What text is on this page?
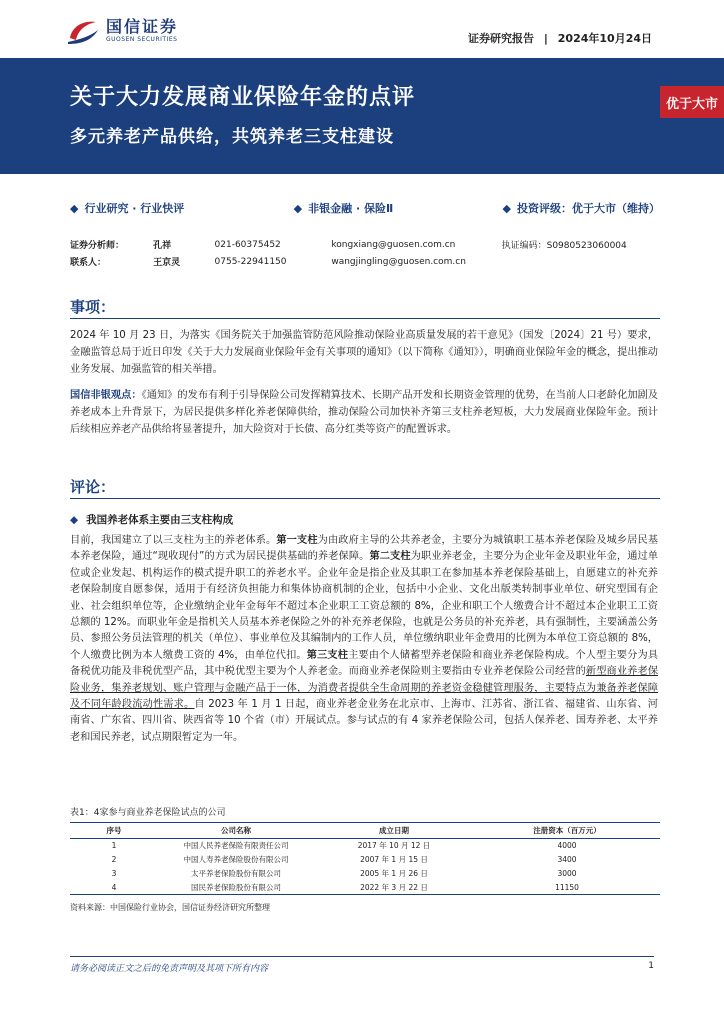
国信证券
GUOSEN SECURITIES	证券研究报告 | 2024年10月24日
关于大力发展商业保险年金的点评
多元养老产品供给，共筑养老三支柱建设
优于大市
◆ 行业研究 · 行业快评	◆ 非银金融 · 保险Ⅱ	◆ 投资评级：优于大市（维持）
证券分析师：	孔祥	021-60375452	kongxiang@guosen.com.cn	执证编码：S0980523060004
联系人：	王京灵	0755-22941150	wangjingling@guosen.com.cn
事项：
2024 年 10 月 23 日，为落实《国务院关于加强监管防范风险推动保险业高质量发展的若干意见》（国发〔2024〕21 号）要求，金融监管总局于近日印发《关于大力发展商业保险年金有关事项的通知》（以下简称《通知》），明确商业保险年金的概念，提出推动业务发展、加强监管的相关举措。
国信非银观点：《通知》的发布有利于引导保险公司发挥精算技术、长期产品开发和长期资金管理的优势，在当前人口老龄化加剧及养老成本上升背景下，为居民提供多样化养老保障供给，推动保险公司加快补齐第三支柱养老短板，大力发展商业保险年金。预计后续相应养老产品供给将显著提升，加大险资对于长债、高分红类等资产的配置诉求。
评论：
◆ 我国养老体系主要由三支柱构成
目前，我国建立了以三支柱为主的养老体系。第一支柱为由政府主导的公共养老金，主要分为城镇职工基本养老保险及城乡居民基本养老保险，通过“现收现付”的方式为居民提供基础的养老保障。第二支柱为职业养老金，主要分为企业年金及职业年金，通过单位或企业发起、机构运作的模式提升职工的养老水平。企业年金是指企业及其职工在参加基本养老保险基础上，自愿建立的补充养老保险制度自愿参保，适用于有经济负担能力和集体协商机制的企业，包括中小企业、文化出版类转制事业单位、研究型国有企业、社会组织单位等，企业缴纳企业年金每年不超过本企业职工工资总额的 8%，企业和职工个人缴费合计不超过本企业职工工资总额的 12%。而职业年金是指机关人员基本养老保险之外的补充养老保险，也就是公务员的补充养老，具有强制性，主要涵盖公务员、参照公务员法管理的机关（单位）、事业单位及其编制内的工作人员，单位缴纳职业年金费用的比例为本单位工资总额的 8%，个人缴费比例为本人缴费工资的 4%，由单位代扣。第三支柱主要由个人储蓄型养老保险和商业养老保险构成。个人型主要分为具备税优功能及非税优型产品，其中税优型主要为个人养老金。而商业养老保险则主要指由专业养老保险公司经营的新型商业养老保险业务，集养老规划、账户管理与金融产品于一体，为消费者提供全生命周期的养老资金稳健管理服务，主要特点为兼备养老保障及不同年龄段流动性需求。自 2023 年 1 月 1 日起，商业养老金业务在北京市、上海市、江苏省、浙江省、福建省、山东省、河南省、广东省、四川省、陕西省等 10 个省（市）开展试点。参与试点的有 4 家养老保险公司，包括人保养老、国寿养老、太平养老和国民养老，试点期限暂定为一年。
表1：4家参与商业养老保险试点的公司
序号	公司名称	成立日期	注册资本（百万元）
1	中国人民养老保险有限责任公司	2017 年 10 月 12 日	4000
2	中国人寿养老保险股份有限公司	2007 年 1 月 15 日	3400
3	太平养老保险股份有限公司	2005 年 1 月 26 日	3000
4	国民养老保险股份有限公司	2022 年 3 月 22 日	11150
资料来源：中国保险行业协会，国信证券经济研究所整理
请务必阅读正文之后的免责声明及其项下所有内容	1
